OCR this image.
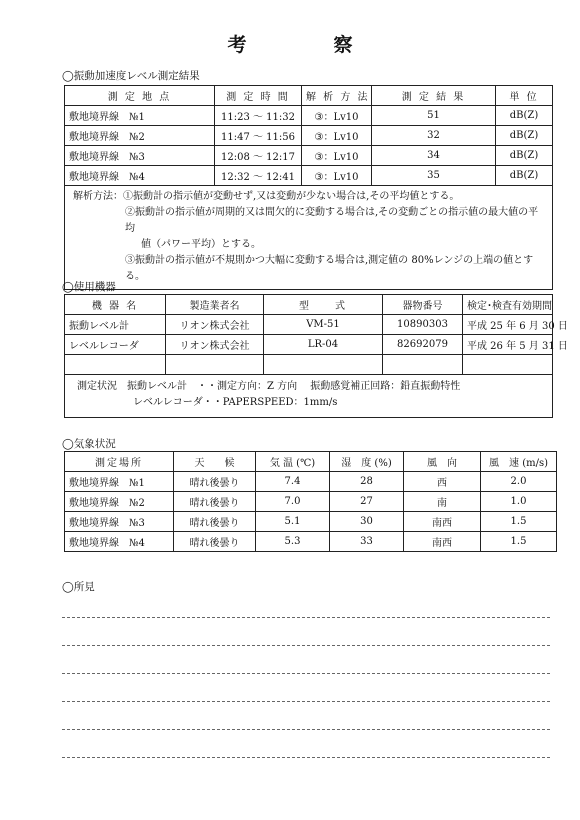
考　察
◯振動加速度レベル測定結果
測 定 地 点	測 定 時 間	解 析 方 法	測 定 結 果	単 位
敷地境界線　№1	11:23 ～ 11:32	③：Lv10	51	dB(Z)
敷地境界線　№2	11:47 ～ 11:56	③：Lv10	32	dB(Z)
敷地境界線　№3	12:08 ～ 12:17	③：Lv10	34	dB(Z)
敷地境界線　№4	12:32 ～ 12:41	③：Lv10	35	dB(Z)

解析方法：①振動計の指示値が変動せず,又は変動が少ない場合は,その平均値とする。
②振動計の指示値が周期的又は間欠的に変動する場合は,その変動ごとの指示値の最大値の平均
値（パワー平均）とする。
③振動計の指示値が不規則かつ大幅に変動する場合は,測定値の 80%レンジの上端の値とする。				
◯使用機器
機 器 名	製造業者名	型　　式	器物番号	検定･検査有効期間
振動レベル計	リオン株式会社	VM-51	10890303	平成 25 年 6 月 30 日
レベルレコーダ	リオン株式会社	LR-04	82692079	平成 26 年 5 月 31 日

測定状況　振動レベル計　・・測定方向：Z 方向　 振動感覚補正回路：鉛直振動特性
レベルレコーダ・・PAPERSPEED：1mm/s				
◯気象状況
測定場所	天　　候	気 温 (℃)	湿　度 (%)	風　向	風　速 (m/s)
敷地境界線　№1	晴れ後曇り	7.4	28	西	2.0
敷地境界線　№2	晴れ後曇り	7.0	27	南	1.0
敷地境界線　№3	晴れ後曇り	5.1	30	南西	1.5
敷地境界線　№4	晴れ後曇り	5.3	33	南西	1.5
◯所見
